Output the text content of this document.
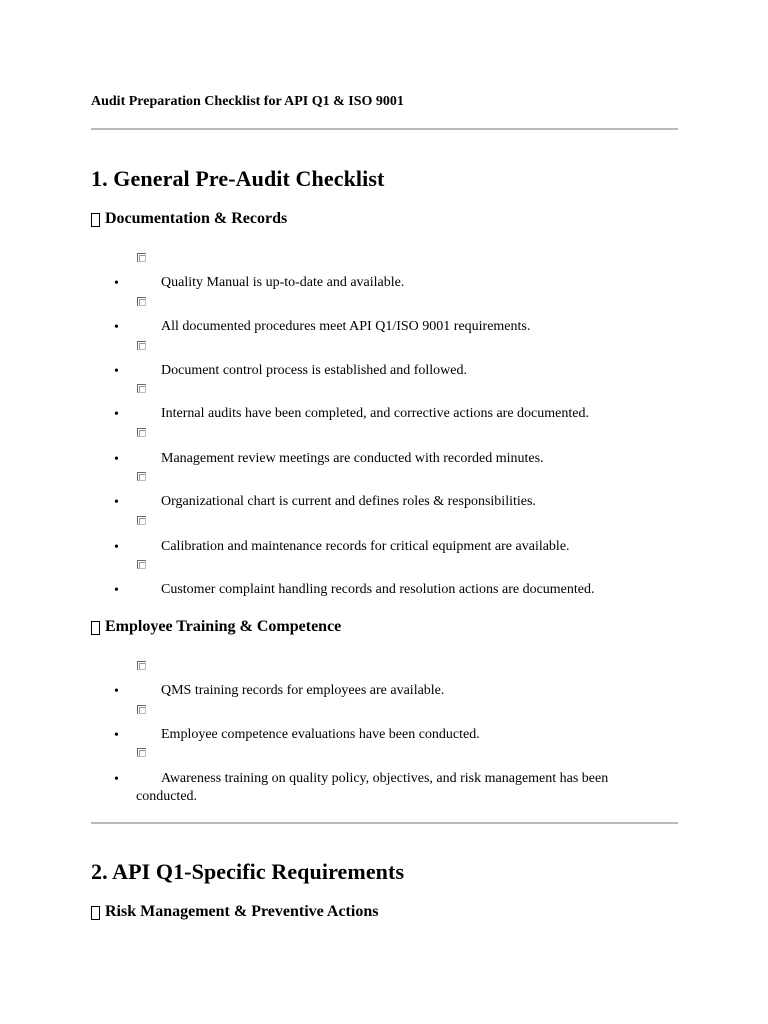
Audit Preparation Checklist for API Q1 & ISO 9001

1. General Pre-Audit Checklist
Documentation & Records
•	Quality Manual is up-to-date and available.
•	All documented procedures meet API Q1/ISO 9001 requirements.
•	Document control process is established and followed.
•	Internal audits have been completed, and corrective actions are documented.
•	Management review meetings are conducted with recorded minutes.
•	Organizational chart is current and defines roles & responsibilities.
•	Calibration and maintenance records for critical equipment are available.
•	Customer complaint handling records and resolution actions are documented.
Employee Training & Competence
•	QMS training records for employees are available.
•	Employee competence evaluations have been conducted.
•	Awareness training on quality policy, objectives, and risk management has been
conducted.
2. API Q1-Specific Requirements
Risk Management & Preventive Actions
